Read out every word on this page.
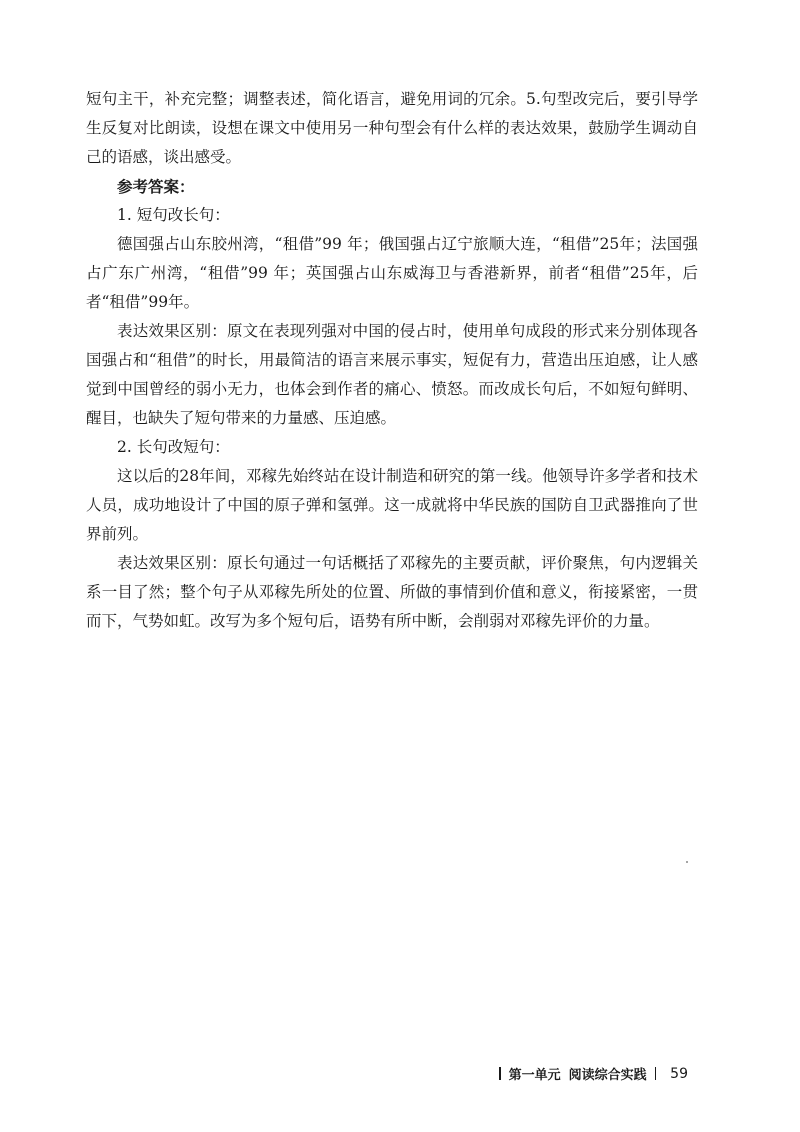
短句主干，补充完整；调整表述，简化语言，避免用词的冗余。5.句型改完后，要引导学生反复对比朗读，设想在课文中使用另一种句型会有什么样的表达效果，鼓励学生调动自己的语感，谈出感受。

参考答案：

1. 短句改长句：

德国强占山东胶州湾，“租借”99 年；俄国强占辽宁旅顺大连，“租借”25年；法国强占广东广州湾，“租借”99 年；英国强占山东威海卫与香港新界，前者“租借”25年，后者“租借”99年。

表达效果区别：原文在表现列强对中国的侵占时，使用单句成段的形式来分别体现各国强占和“租借”的时长，用最简洁的语言来展示事实，短促有力，营造出压迫感，让人感觉到中国曾经的弱小无力，也体会到作者的痛心、愤怒。而改成长句后，不如短句鲜明、醒目，也缺失了短句带来的力量感、压迫感。

2. 长句改短句：

这以后的28年间，邓稼先始终站在设计制造和研究的第一线。他领导许多学者和技术人员，成功地设计了中国的原子弹和氢弹。这一成就将中华民族的国防自卫武器推向了世界前列。

表达效果区别：原长句通过一句话概括了邓稼先的主要贡献，评价聚焦，句内逻辑关系一目了然；整个句子从邓稼先所处的位置、所做的事情到价值和意义，衔接紧密，一贯而下，气势如虹。改写为多个短句后，语势有所中断，会削弱对邓稼先评价的力量。

第一单元 阅读综合实践 59
